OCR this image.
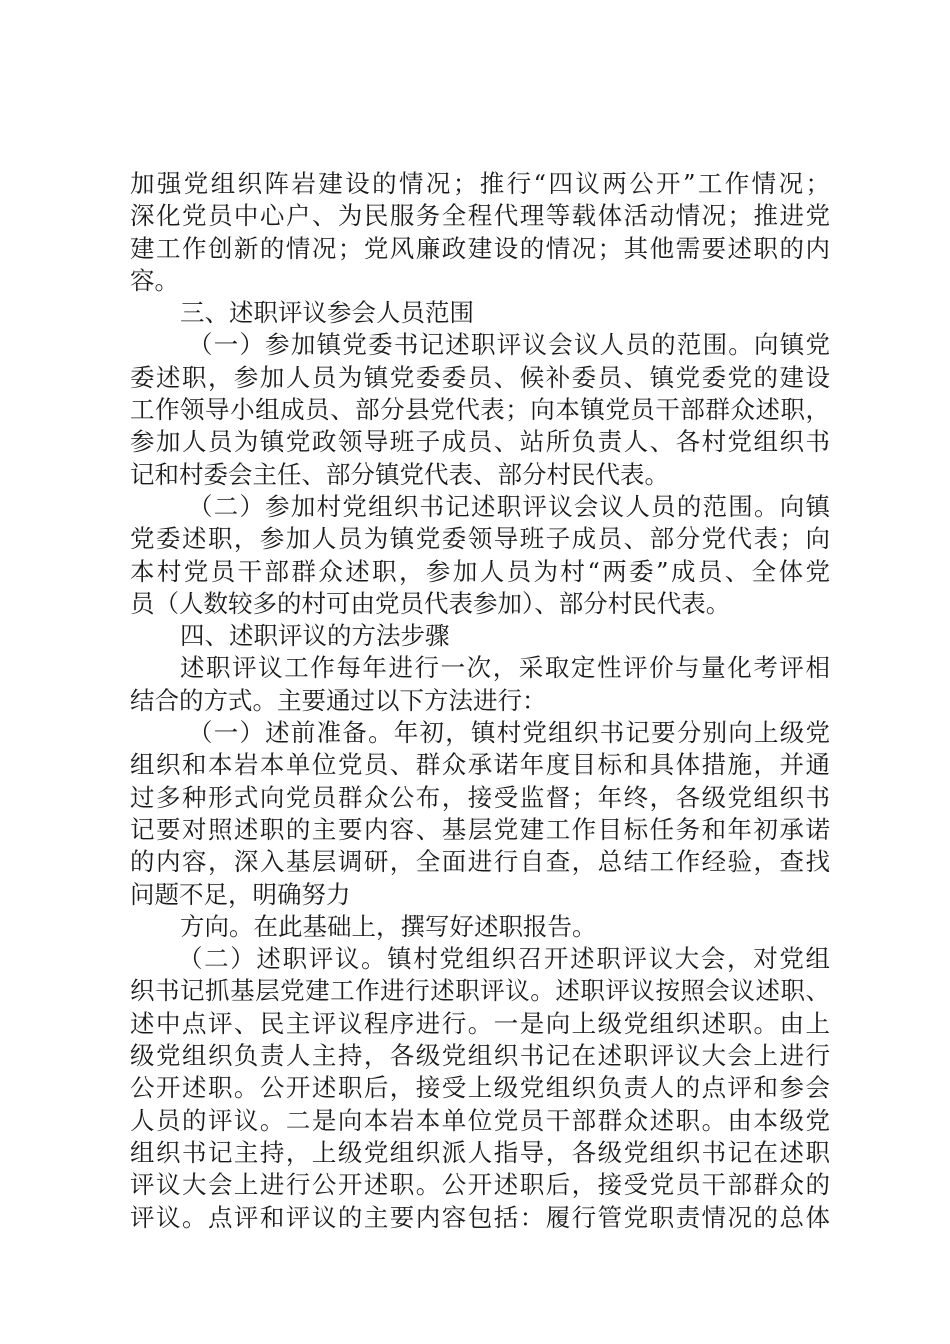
加强党组织阵岩建设的情况；推行“四议两公开”工作情况；
深化党员中心户、为民服务全程代理等载体活动情况；推进党
建工作创新的情况；党风廉政建设的情况；其他需要述职的内
容。
三、述职评议参会人员范围
（一）参加镇党委书记述职评议会议人员的范围。向镇党
委述职，参加人员为镇党委委员、候补委员、镇党委党的建设
工作领导小组成员、部分县党代表；向本镇党员干部群众述职，
参加人员为镇党政领导班子成员、站所负责人、各村党组织书
记和村委会主任、部分镇党代表、部分村民代表。
（二）参加村党组织书记述职评议会议人员的范围。向镇
党委述职，参加人员为镇党委领导班子成员、部分党代表；向
本村党员干部群众述职，参加人员为村“两委”成员、全体党
员（人数较多的村可由党员代表参加）、部分村民代表。
四、述职评议的方法步骤
述职评议工作每年进行一次，采取定性评价与量化考评相
结合的方式。主要通过以下方法进行：
（一）述前准备。年初，镇村党组织书记要分别向上级党
组织和本岩本单位党员、群众承诺年度目标和具体措施，并通
过多种形式向党员群众公布，接受监督；年终，各级党组织书
记要对照述职的主要内容、基层党建工作目标任务和年初承诺
的内容，深入基层调研，全面进行自查，总结工作经验，查找
问题不足，明确努力
方向。在此基础上，撰写好述职报告。
（二）述职评议。镇村党组织召开述职评议大会，对党组
织书记抓基层党建工作进行述职评议。述职评议按照会议述职、
述中点评、民主评议程序进行。一是向上级党组织述职。由上
级党组织负责人主持，各级党组织书记在述职评议大会上进行
公开述职。公开述职后，接受上级党组织负责人的点评和参会
人员的评议。二是向本岩本单位党员干部群众述职。由本级党
组织书记主持，上级党组织派人指导，各级党组织书记在述职
评议大会上进行公开述职。公开述职后，接受党员干部群众的
评议。点评和评议的主要内容包括：履行管党职责情况的总体
